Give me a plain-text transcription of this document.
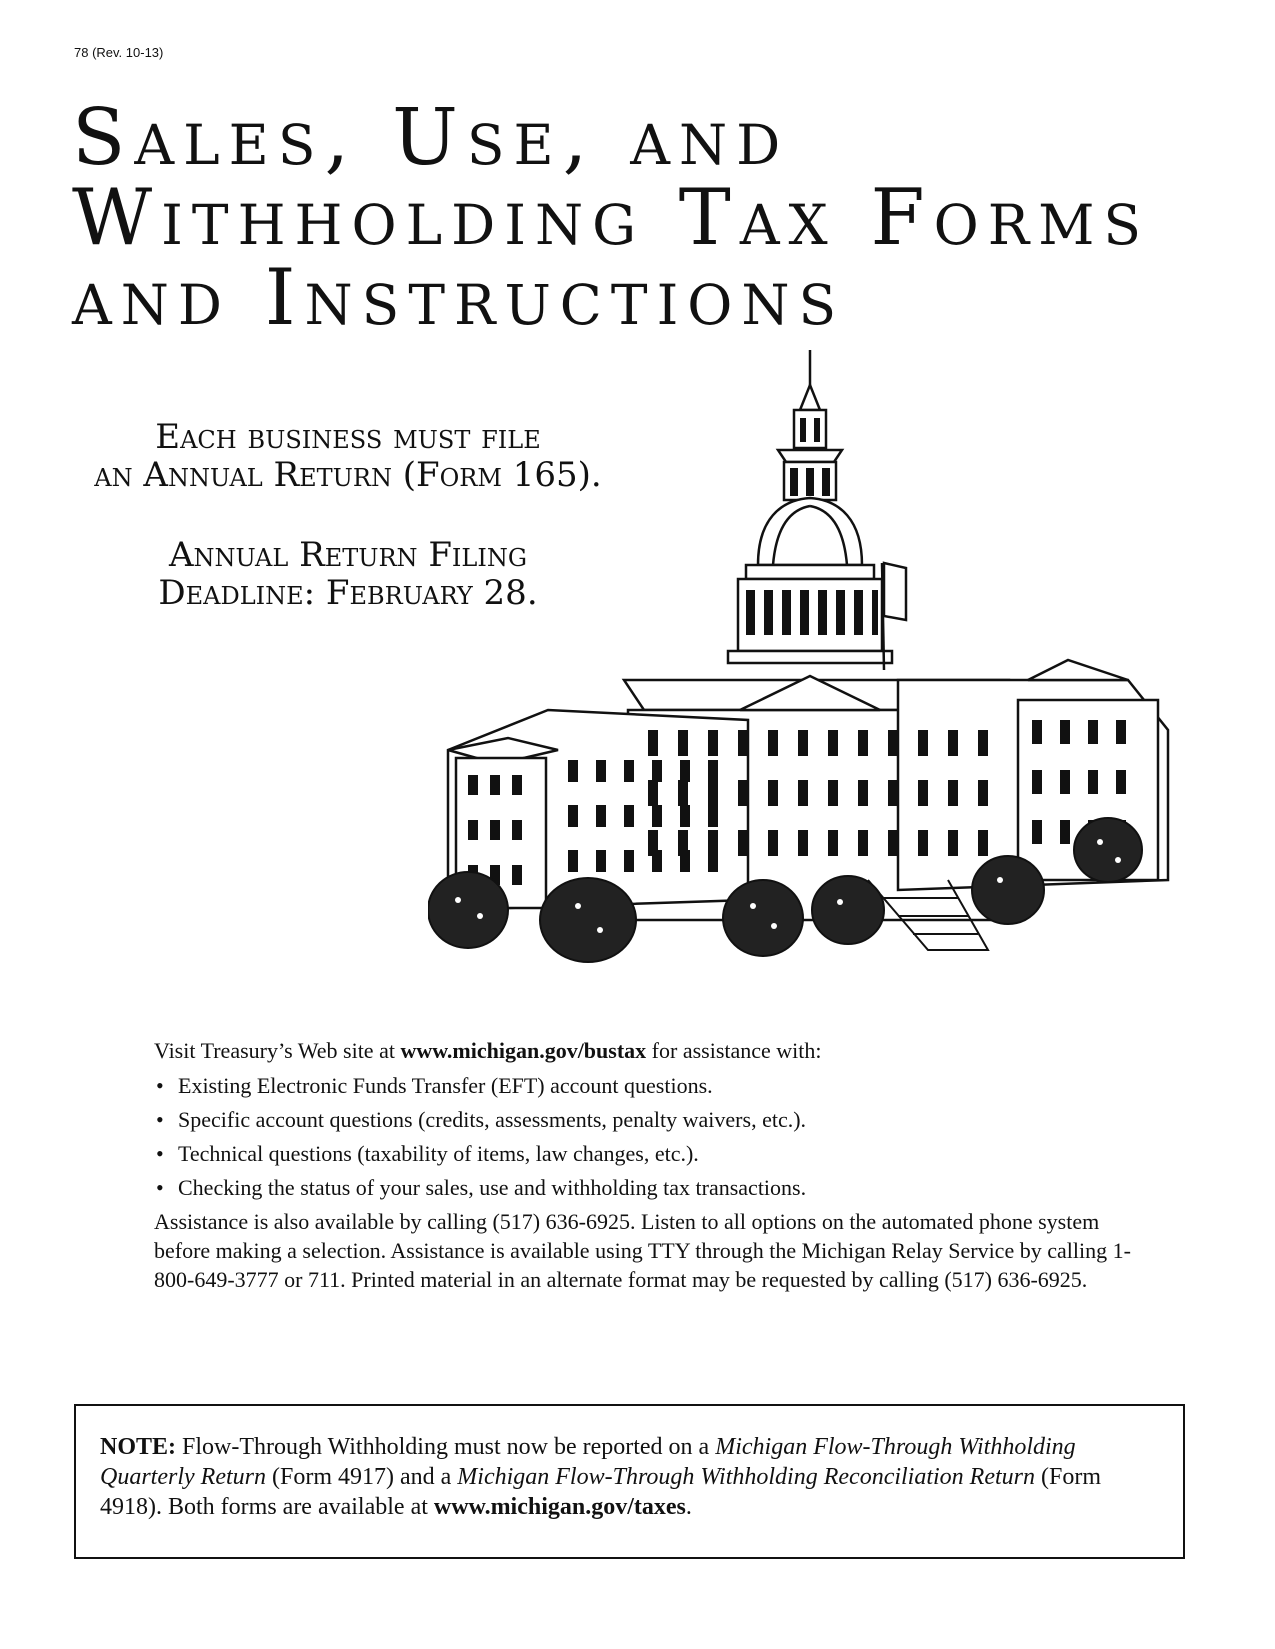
78 (Rev. 10-13)
Sales, Use, and
Withholding Tax Forms
and Instructions

Each business must file
an Annual Return (Form 165).

Annual Return Filing
Deadline: February 28.

Visit Treasury’s Web site at www.michigan.gov/bustax for assistance with:

• Existing Electronic Funds Transfer (EFT) account questions.
• Specific account questions (credits, assessments, penalty waivers, etc.).
• Technical questions (taxability of items, law changes, etc.).
• Checking the status of your sales, use and withholding tax transactions.

Assistance is also available by calling (517) 636-6925. Listen to all options on the automated phone system before making a selection. Assistance is available using TTY through the Michigan Relay Service by calling 1-800-649-3777 or 711. Printed material in an alternate format may be requested by calling (517) 636-6925.

NOTE: Flow-Through Withholding must now be reported on a Michigan Flow-Through Withholding Quarterly Return (Form 4917) and a Michigan Flow-Through Withholding Reconciliation Return (Form 4918). Both forms are available at www.michigan.gov/taxes.
